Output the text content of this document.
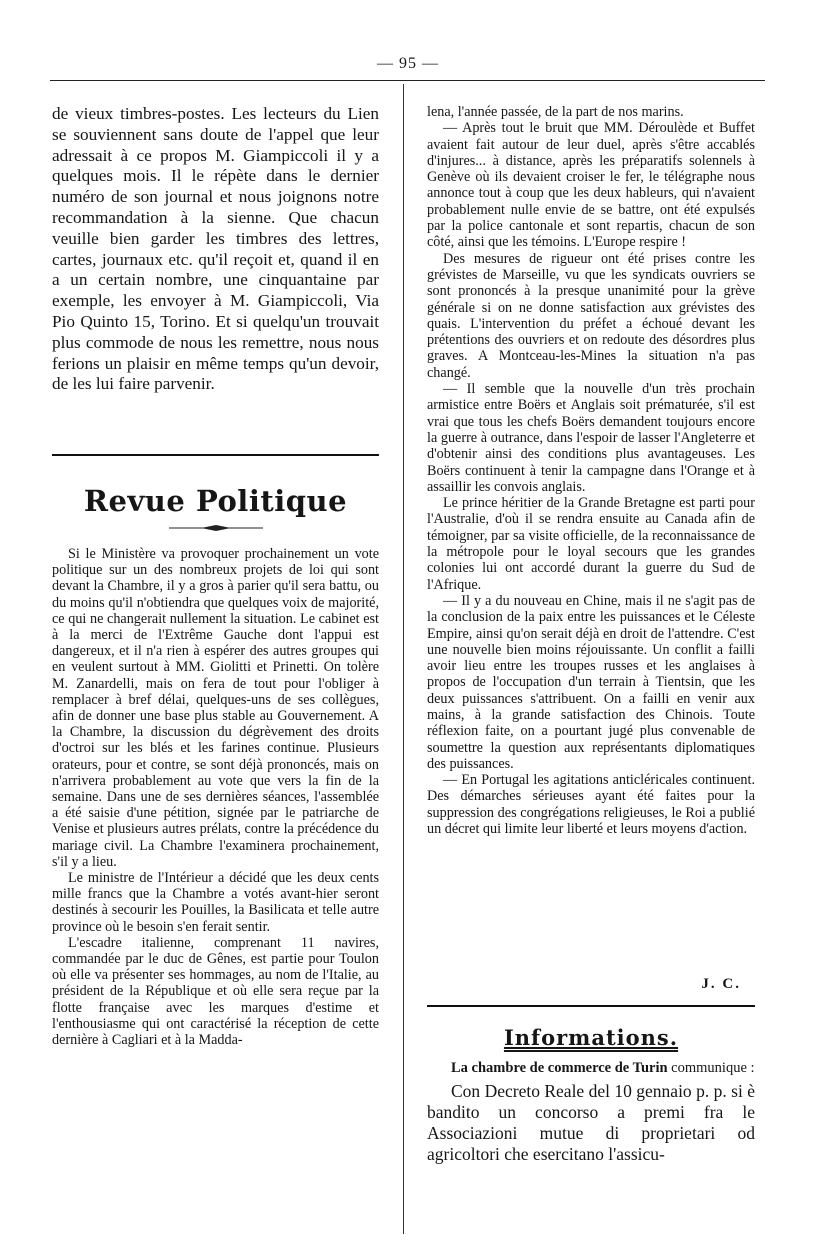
— 95 —

de vieux timbres-postes. Les lecteurs du Lien se souviennent sans doute de l'appel que leur adressait à ce propos M. Giampiccoli il y a quelques mois. Il le répète dans le dernier numéro de son journal et nous joignons notre recommandation à la sienne. Que chacun veuille bien garder les timbres des lettres, cartes, journaux etc. qu'il reçoit et, quand il en a un certain nombre, une cinquantaine par exemple, les envoyer à M. Giampiccoli, Via Pio Quinto 15, Torino. Et si quelqu'un trouvait plus commode de nous les remettre, nous nous ferions un plaisir en même temps qu'un devoir, de les lui faire parvenir.

Revue Politique

Si le Ministère va provoquer prochainement un vote politique sur un des nombreux projets de loi qui sont devant la Chambre, il y a gros à parier qu'il sera battu, ou du moins qu'il n'obtiendra que quelques voix de majorité, ce qui ne changerait nullement la situation. Le cabinet est à la merci de l'Extrême Gauche dont l'appui est dangereux, et il n'a rien à espérer des autres groupes qui en veulent surtout à MM. Giolitti et Prinetti. On tolère M. Zanardelli, mais on fera de tout pour l'obliger à remplacer à bref délai, quelques-uns de ses collègues, afin de donner une base plus stable au Gouvernement. A la Chambre, la discussion du dégrèvement des droits d'octroi sur les blés et les farines continue. Plusieurs orateurs, pour et contre, se sont déjà prononcés, mais on n'arrivera probablement au vote que vers la fin de la semaine. Dans une de ses dernières séances, l'assemblée a été saisie d'une pétition, signée par le patriarche de Venise et plusieurs autres prélats, contre la précédence du mariage civil. La Chambre l'examinera prochainement, s'il y a lieu.

Le ministre de l'Intérieur a décidé que les deux cents mille francs que la Chambre a votés avant-hier seront destinés à secourir les Pouilles, la Basilicata et telle autre province où le besoin s'en ferait sentir.

L'escadre italienne, comprenant 11 navires, commandée par le duc de Gênes, est partie pour Toulon où elle va présenter ses hommages, au nom de l'Italie, au président de la République et où elle sera reçue par la flotte française avec les marques d'estime et l'enthousiasme qui ont caractérisé la réception de cette dernière à Cagliari et à la Madda-

lena, l'année passée, de la part de nos marins.

— Après tout le bruit que MM. Déroulède et Buffet avaient fait autour de leur duel, après s'être accablés d'injures... à distance, après les préparatifs solennels à Genève où ils devaient croiser le fer, le télégraphe nous annonce tout à coup que les deux hableurs, qui n'avaient probablement nulle envie de se battre, ont été expulsés par la police cantonale et sont repartis, chacun de son côté, ainsi que les témoins. L'Europe respire !

Des mesures de rigueur ont été prises contre les grévistes de Marseille, vu que les syndicats ouvriers se sont prononcés à la presque unanimité pour la grève générale si on ne donne satisfaction aux grévistes des quais. L'intervention du préfet a échoué devant les prétentions des ouvriers et on redoute des désordres plus graves. A Montceau-les-Mines la situation n'a pas changé.

— Il semble que la nouvelle d'un très prochain armistice entre Boërs et Anglais soit prématurée, s'il est vrai que tous les chefs Boërs demandent toujours encore la guerre à outrance, dans l'espoir de lasser l'Angleterre et d'obtenir ainsi des conditions plus avantageuses. Les Boërs continuent à tenir la campagne dans l'Orange et à assaillir les convois anglais.

Le prince héritier de la Grande Bretagne est parti pour l'Australie, d'où il se rendra ensuite au Canada afin de témoigner, par sa visite officielle, de la reconnaissance de la métropole pour le loyal secours que les grandes colonies lui ont accordé durant la guerre du Sud de l'Afrique.

— Il y a du nouveau en Chine, mais il ne s'agit pas de la conclusion de la paix entre les puissances et le Céleste Empire, ainsi qu'on serait déjà en droit de l'attendre. C'est une nouvelle bien moins réjouissante. Un conflit a failli avoir lieu entre les troupes russes et les anglaises à propos de l'occupation d'un terrain à Tientsin, que les deux puissances s'attribuent. On a failli en venir aux mains, à la grande satisfaction des Chinois. Toute réflexion faite, on a pourtant jugé plus convenable de soumettre la question aux représentants diplomatiques des puissances.

— En Portugal les agitations anticléricales continuent. Des démarches sérieuses ayant été faites pour la suppression des congrégations religieuses, le Roi a publié un décret qui limite leur liberté et leurs moyens d'action.

J. C.
Informations.

La chambre de commerce de Turin communique :

Con Decreto Reale del 10 gennaio p. p. si è bandito un concorso a premi fra le Associazioni mutue di proprietari od agricoltori che esercitano l'assicu-
